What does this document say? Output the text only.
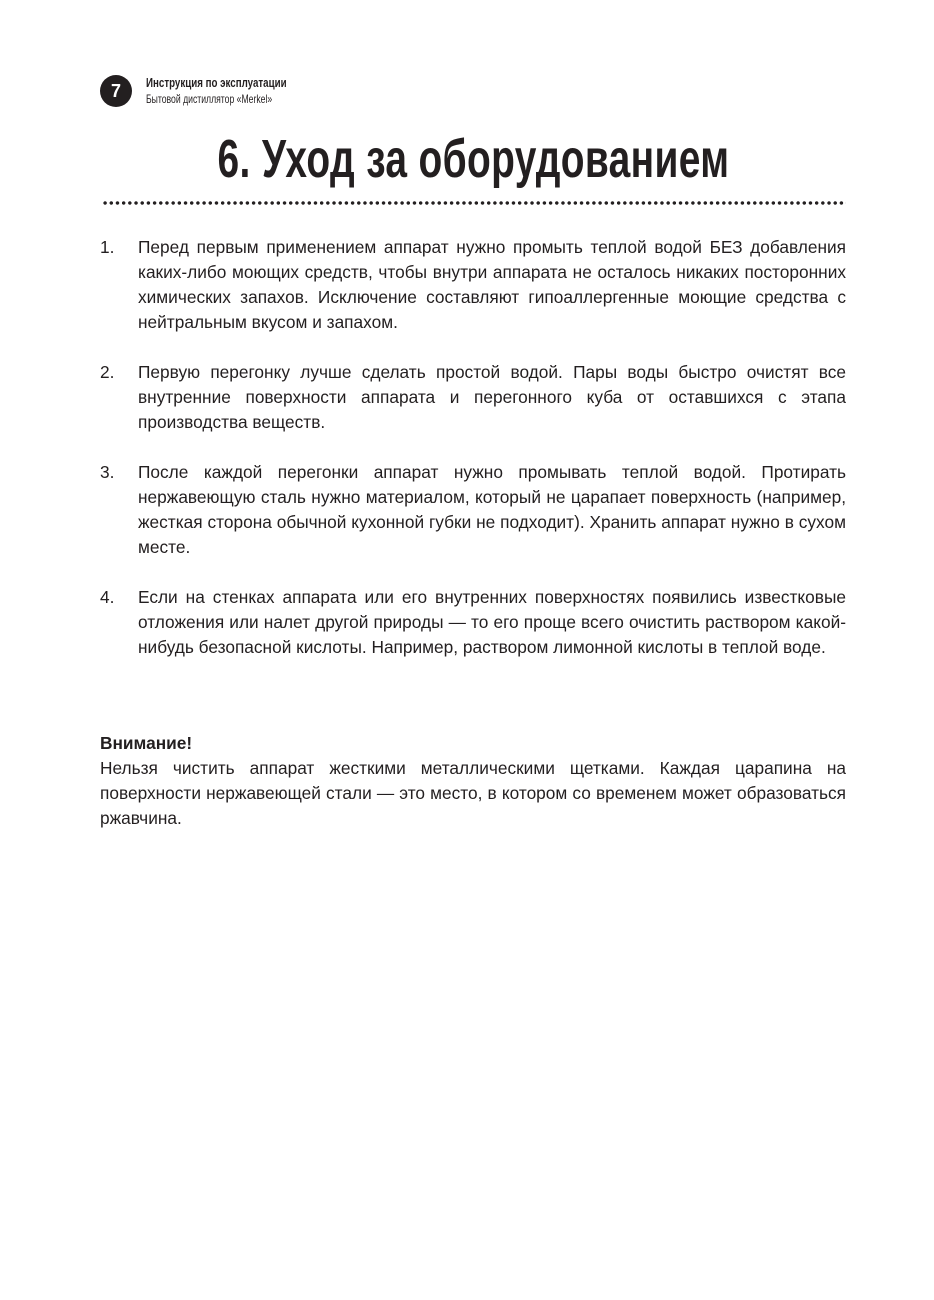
7	Инструкция по эксплуатации
Бытовой дистиллятор «Merkel»
6. Уход за оборудованием
1.	Перед первым применением аппарат нужно промыть теплой водой БЕЗ добавления каких-либо моющих средств, чтобы внутри аппарата не осталось никаких посторонних химических запахов. Исключение составляют гипоаллергенные моющие средства с нейтральным вкусом и запахом.
2.	Первую перегонку лучше сделать простой водой. Пары воды быстро очистят все внутренние поверхности аппарата и перегонного куба от оставшихся с этапа производства веществ.
3.	После каждой перегонки аппарат нужно промывать теплой водой. Протирать нержавеющую сталь нужно материалом, который не царапает поверхность (например, жесткая сторона обычной кухонной губки не подходит). Хранить аппарат нужно в сухом месте.
4.	Если на стенках аппарата или его внутренних поверхностях появились известковые отложения или налет другой природы — то его проще всего очистить раствором какой-нибудь безопасной кислоты. Например, раствором лимонной кислоты в теплой воде.
Внимание!
Нельзя чистить аппарат жесткими металлическими щетками. Каждая царапина на поверхности нержавеющей стали — это место, в котором со временем может образоваться ржавчина.
